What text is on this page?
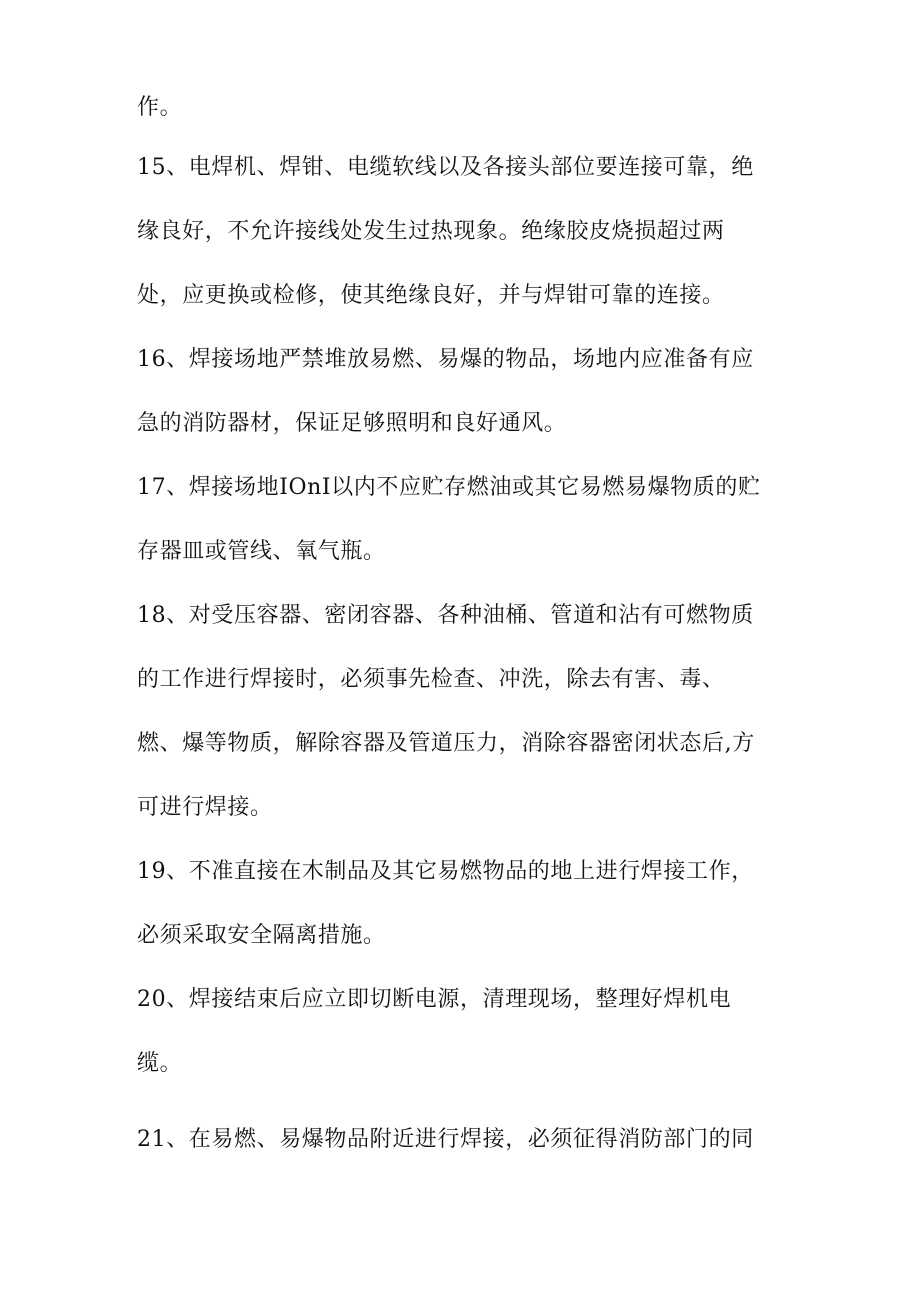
作。

15、电焊机、焊钳、电缆软线以及各接头部位要连接可靠，绝

缘良好，不允许接线处发生过热现象。绝缘胶皮烧损超过两

处，应更换或检修，使其绝缘良好，并与焊钳可靠的连接。

16、焊接场地严禁堆放易燃、易爆的物品，场地内应准备有应

急的消防器材，保证足够照明和良好通风。

17、焊接场地IOnI以内不应贮存燃油或其它易燃易爆物质的贮

存器皿或管线、氧气瓶。

18、对受压容器、密闭容器、各种油桶、管道和沾有可燃物质

的工作进行焊接时，必须事先检查、冲洗，除去有害、毒、

燃、爆等物质，解除容器及管道压力，消除容器密闭状态后,方

可进行焊接。

19、不准直接在木制品及其它易燃物品的地上进行焊接工作，

必须采取安全隔离措施。

20、焊接结束后应立即切断电源，清理现场，整理好焊机电

缆。

21、在易燃、易爆物品附近进行焊接，必须征得消防部门的同
